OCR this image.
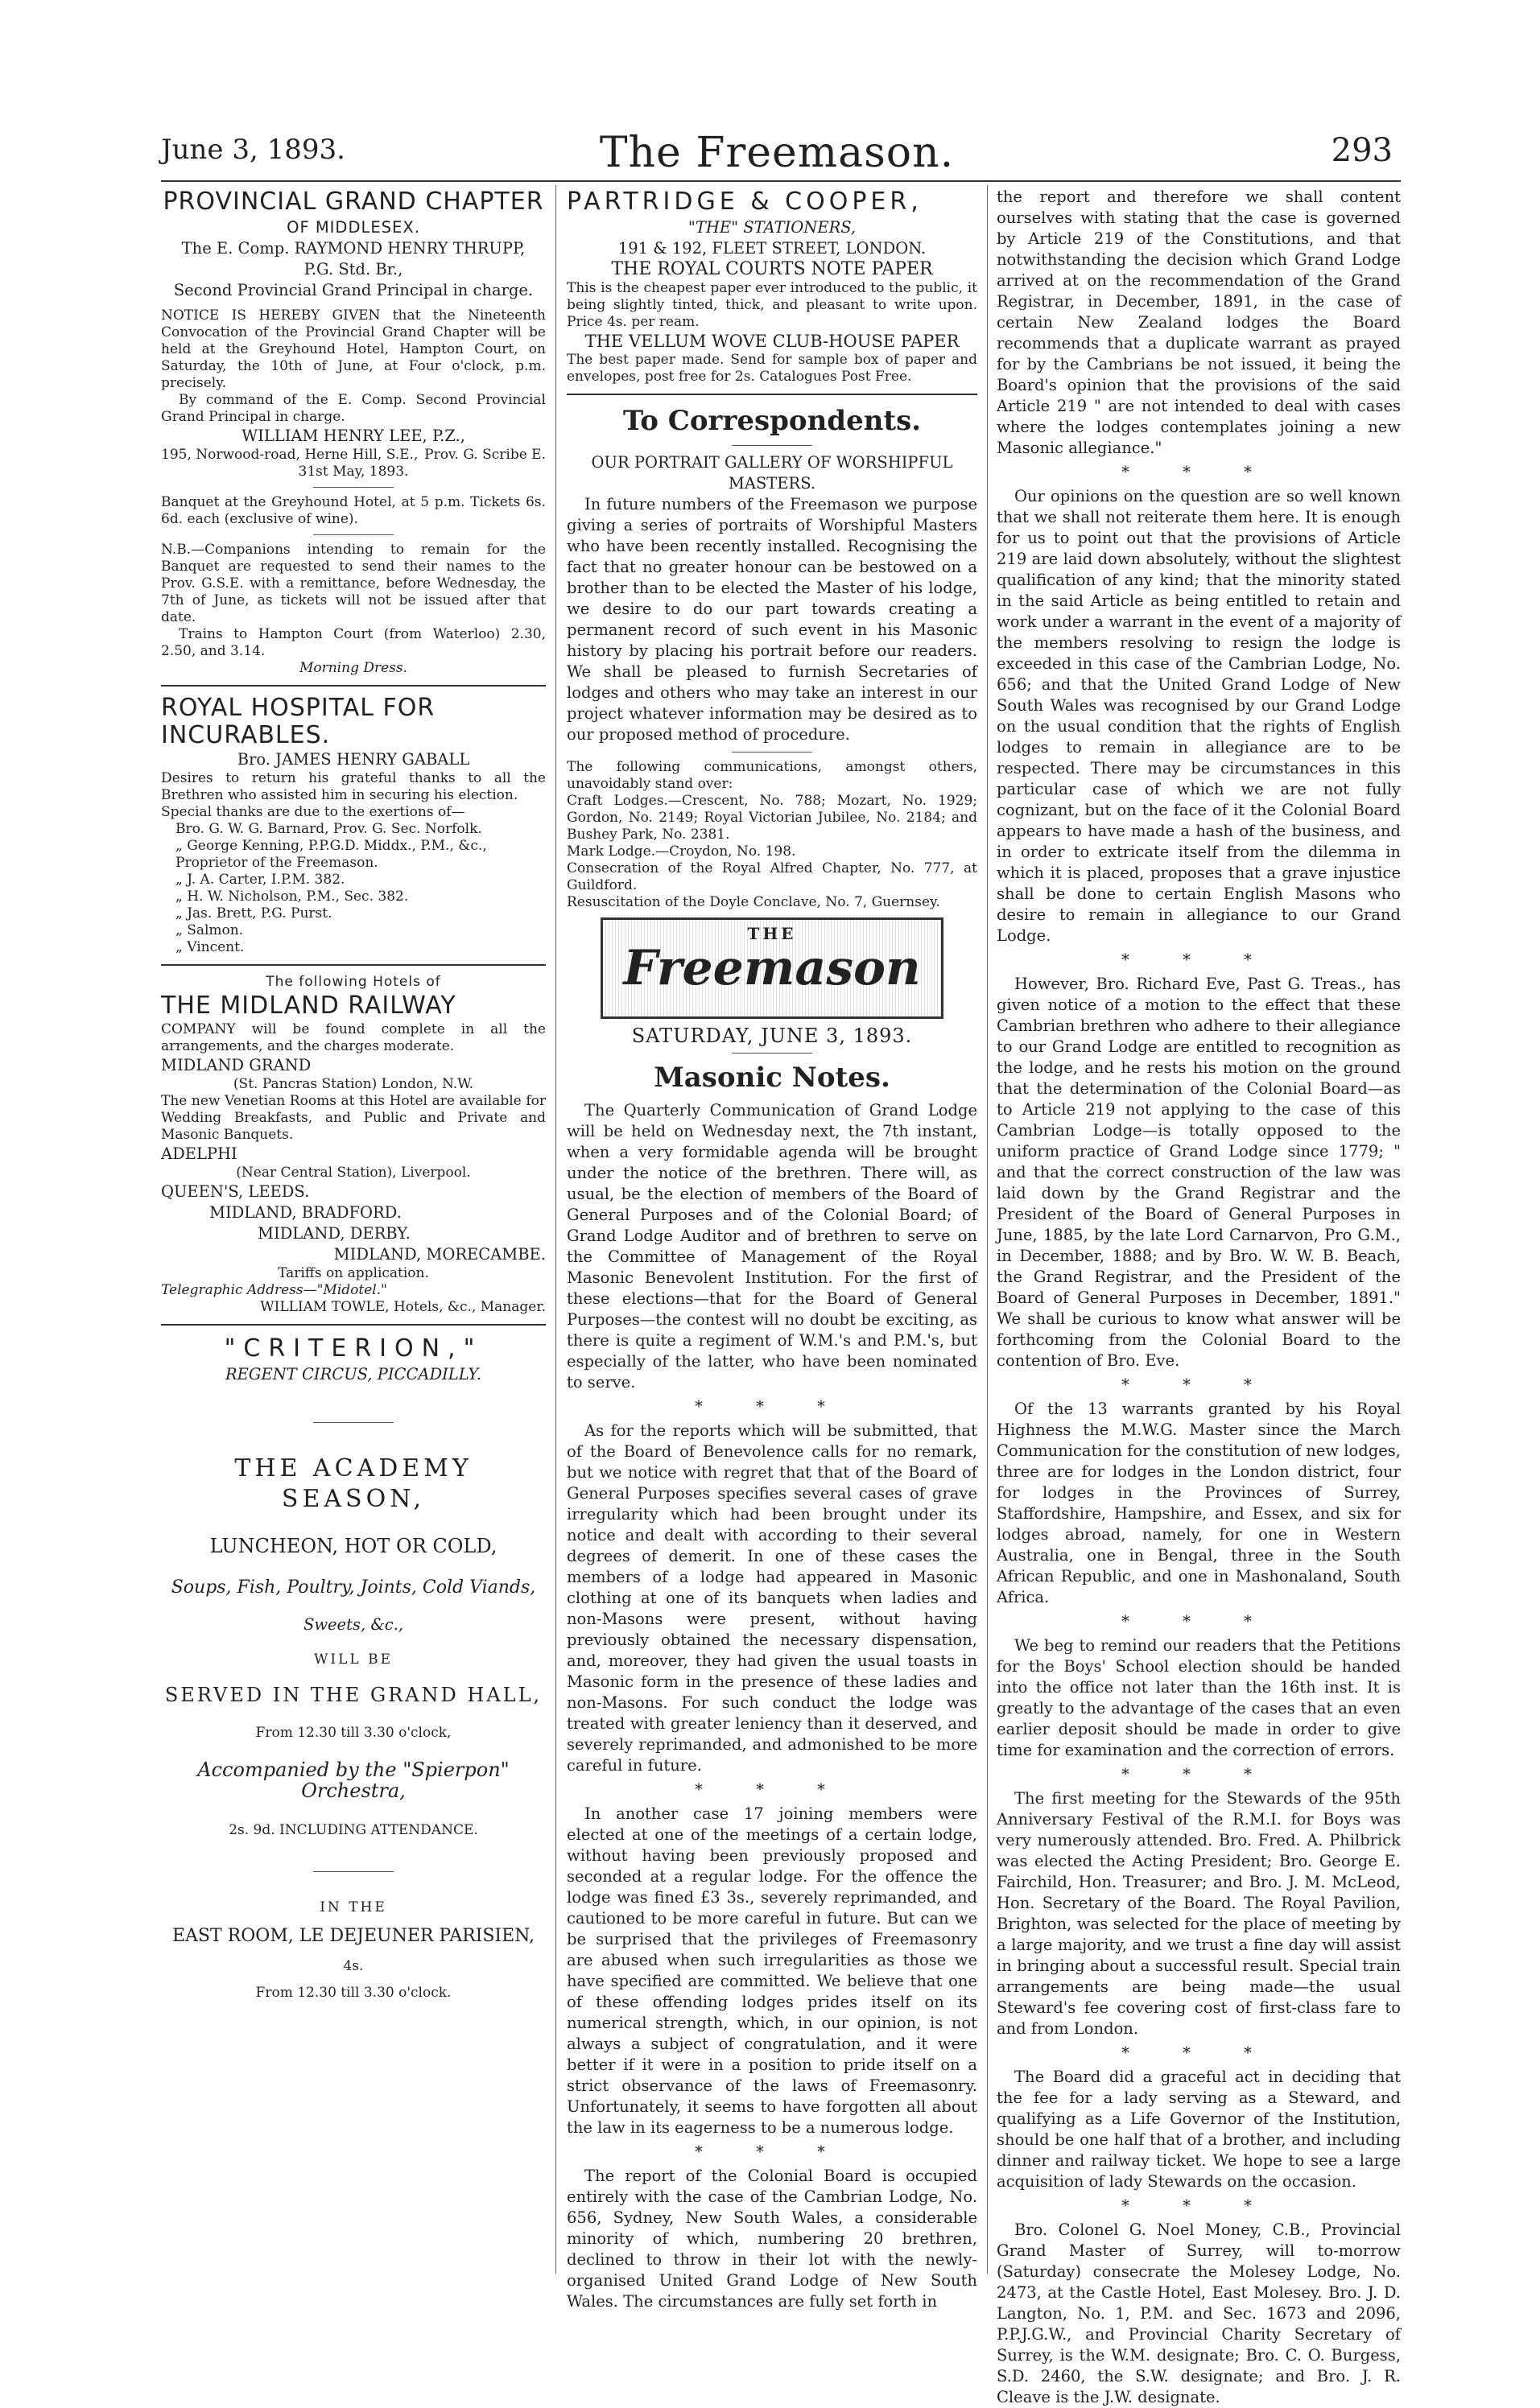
June 3, 1893.	The Freemason.	293

PROVINCIAL GRAND CHAPTER

OF MIDDLESEX.

The E. Comp. RAYMOND HENRY THRUPP,

P.G. Std. Br.,

Second Provincial Grand Principal in charge.

NOTICE IS HEREBY GIVEN that the Nineteenth Convocation of the Provincial Grand Chapter will be held at the Greyhound Hotel, Hampton Court, on Saturday, the 10th of June, at Four o'clock, p.m. precisely.

By command of the E. Comp. Second Provincial Grand Principal in charge.

WILLIAM HENRY LEE, P.Z.,

195, Norwood-road, Herne Hill, S.E., Prov. G. Scribe E.

31st May, 1893.

Banquet at the Greyhound Hotel, at 5 p.m. Tickets 6s. 6d. each (exclusive of wine).

N.B.—Companions intending to remain for the Banquet are requested to send their names to the Prov. G.S.E. with a remittance, before Wednesday, the 7th of June, as tickets will not be issued after that date.

Trains to Hampton Court (from Waterloo) 2.30, 2.50, and 3.14.

Morning Dress.

ROYAL HOSPITAL FOR INCURABLES.

Bro. JAMES HENRY GABALL

Desires to return his grateful thanks to all the Brethren who assisted him in securing his election.

Special thanks are due to the exertions of—

Bro. G. W. G. Barnard, Prov. G. Sec. Norfolk.

„ George Kenning, P.P.G.D. Middx., P.M., &c., Proprietor of the Freemason.

„ J. A. Carter, I.P.M. 382.

„ H. W. Nicholson, P.M., Sec. 382.

„ Jas. Brett, P.G. Purst.

„ Salmon.

„ Vincent.

The following Hotels of

THE MIDLAND RAILWAY

COMPANY will be found complete in all the arrangements, and the charges moderate.

MIDLAND GRAND

(St. Pancras Station) London, N.W.

The new Venetian Rooms at this Hotel are available for Wedding Breakfasts, and Public and Private and Masonic Banquets.

ADELPHI

(Near Central Station), Liverpool.

QUEEN'S, LEEDS.

MIDLAND, BRADFORD.

MIDLAND, DERBY.

MIDLAND, MORECAMBE.

Tariffs on application.

Telegraphic Address—"Midotel."

WILLIAM TOWLE, Hotels, &c., Manager.

"CRITERION,"

REGENT CIRCUS, PICCADILLY.

THE ACADEMY SEASON,

LUNCHEON, HOT OR COLD,

Soups, Fish, Poultry, Joints, Cold Viands,

Sweets, &c.,

WILL BE

SERVED IN THE GRAND HALL,

From 12.30 till 3.30 o'clock,

Accompanied by the "Spierpon" Orchestra,

2s. 9d. INCLUDING ATTENDANCE.

IN THE

EAST ROOM, LE DEJEUNER PARISIEN,

4s.

From 12.30 till 3.30 o'clock.

PARTRIDGE & COOPER,

"THE" STATIONERS,

191 & 192, FLEET STREET, LONDON.

THE ROYAL COURTS NOTE PAPER

This is the cheapest paper ever introduced to the public, it being slightly tinted, thick, and pleasant to write upon. Price 4s. per ream.

THE VELLUM WOVE CLUB-HOUSE PAPER

The best paper made. Send for sample box of paper and envelopes, post free for 2s. Catalogues Post Free.

To Correspondents.

OUR PORTRAIT GALLERY OF WORSHIPFUL MASTERS.

In future numbers of the Freemason we purpose giving a series of portraits of Worshipful Masters who have been recently installed. Recognising the fact that no greater honour can be bestowed on a brother than to be elected the Master of his lodge, we desire to do our part towards creating a permanent record of such event in his Masonic history by placing his portrait before our readers. We shall be pleased to furnish Secretaries of lodges and others who may take an interest in our project whatever information may be desired as to our proposed method of procedure.

The following communications, amongst others, unavoidably stand over:

Craft Lodges.—Crescent, No. 788; Mozart, No. 1929; Gordon, No. 2149; Royal Victorian Jubilee, No. 2184; and Bushey Park, No. 2381.

Mark Lodge.—Croydon, No. 198.

Consecration of the Royal Alfred Chapter, No. 777, at Guildford.

Resuscitation of the Doyle Conclave, No. 7, Guernsey.

THE
Freemason

SATURDAY, JUNE 3, 1893.

Masonic Notes.

The Quarterly Communication of Grand Lodge will be held on Wednesday next, the 7th instant, when a very formidable agenda will be brought under the notice of the brethren. There will, as usual, be the election of members of the Board of General Purposes and of the Colonial Board; of Grand Lodge Auditor and of brethren to serve on the Committee of Management of the Royal Masonic Benevolent Institution. For the first of these elections—that for the Board of General Purposes—the contest will no doubt be exciting, as there is quite a regiment of W.M.'s and P.M.'s, but especially of the latter, who have been nominated to serve.

* * *

As for the reports which will be submitted, that of the Board of Benevolence calls for no remark, but we notice with regret that that of the Board of General Purposes specifies several cases of grave irregularity which had been brought under its notice and dealt with according to their several degrees of demerit. In one of these cases the members of a lodge had appeared in Masonic clothing at one of its banquets when ladies and non-Masons were present, without having previously obtained the necessary dispensation, and, moreover, they had given the usual toasts in Masonic form in the presence of these ladies and non-Masons. For such conduct the lodge was treated with greater leniency than it deserved, and severely reprimanded, and admonished to be more careful in future.

* * *

In another case 17 joining members were elected at one of the meetings of a certain lodge, without having been previously proposed and seconded at a regular lodge. For the offence the lodge was fined £3 3s., severely reprimanded, and cautioned to be more careful in future. But can we be surprised that the privileges of Freemasonry are abused when such irregularities as those we have specified are committed. We believe that one of these offending lodges prides itself on its numerical strength, which, in our opinion, is not always a subject of congratulation, and it were better if it were in a position to pride itself on a strict observance of the laws of Freemasonry. Unfortunately, it seems to have forgotten all about the law in its eagerness to be a numerous lodge.

* * *

The report of the Colonial Board is occupied entirely with the case of the Cambrian Lodge, No. 656, Sydney, New South Wales, a considerable minority of which, numbering 20 brethren, declined to throw in their lot with the newly-organised United Grand Lodge of New South Wales. The circumstances are fully set forth in

the report and therefore we shall content ourselves with stating that the case is governed by Article 219 of the Constitutions, and that notwithstanding the decision which Grand Lodge arrived at on the recommendation of the Grand Registrar, in December, 1891, in the case of certain New Zealand lodges the Board recommends that a duplicate warrant as prayed for by the Cambrians be not issued, it being the Board's opinion that the provisions of the said Article 219 " are not intended to deal with cases where the lodges contemplates joining a new Masonic allegiance."

* * *

Our opinions on the question are so well known that we shall not reiterate them here. It is enough for us to point out that the provisions of Article 219 are laid down absolutely, without the slightest qualification of any kind; that the minority stated in the said Article as being entitled to retain and work under a warrant in the event of a majority of the members resolving to resign the lodge is exceeded in this case of the Cambrian Lodge, No. 656; and that the United Grand Lodge of New South Wales was recognised by our Grand Lodge on the usual condition that the rights of English lodges to remain in allegiance are to be respected. There may be circumstances in this particular case of which we are not fully cognizant, but on the face of it the Colonial Board appears to have made a hash of the business, and in order to extricate itself from the dilemma in which it is placed, proposes that a grave injustice shall be done to certain English Masons who desire to remain in allegiance to our Grand Lodge.

* * *

However, Bro. Richard Eve, Past G. Treas., has given notice of a motion to the effect that these Cambrian brethren who adhere to their allegiance to our Grand Lodge are entitled to recognition as the lodge, and he rests his motion on the ground that the determination of the Colonial Board—as to Article 219 not applying to the case of this Cambrian Lodge—is totally opposed to the uniform practice of Grand Lodge since 1779; " and that the correct construction of the law was laid down by the Grand Registrar and the President of the Board of General Purposes in June, 1885, by the late Lord Carnarvon, Pro G.M., in December, 1888; and by Bro. W. W. B. Beach, the Grand Registrar, and the President of the Board of General Purposes in December, 1891." We shall be curious to know what answer will be forthcoming from the Colonial Board to the contention of Bro. Eve.

* * *

Of the 13 warrants granted by his Royal Highness the M.W.G. Master since the March Communication for the constitution of new lodges, three are for lodges in the London district, four for lodges in the Provinces of Surrey, Staffordshire, Hampshire, and Essex, and six for lodges abroad, namely, for one in Western Australia, one in Bengal, three in the South African Republic, and one in Mashonaland, South Africa.

* * *

We beg to remind our readers that the Petitions for the Boys' School election should be handed into the office not later than the 16th inst. It is greatly to the advantage of the cases that an even earlier deposit should be made in order to give time for examination and the correction of errors.

* * *

The first meeting for the Stewards of the 95th Anniversary Festival of the R.M.I. for Boys was very numerously attended. Bro. Fred. A. Philbrick was elected the Acting President; Bro. George E. Fairchild, Hon. Treasurer; and Bro. J. M. McLeod, Hon. Secretary of the Board. The Royal Pavilion, Brighton, was selected for the place of meeting by a large majority, and we trust a fine day will assist in bringing about a successful result. Special train arrangements are being made—the usual Steward's fee covering cost of first-class fare to and from London.

* * *

The Board did a graceful act in deciding that the fee for a lady serving as a Steward, and qualifying as a Life Governor of the Institution, should be one half that of a brother, and including dinner and railway ticket. We hope to see a large acquisition of lady Stewards on the occasion.

* * *

Bro. Colonel G. Noel Money, C.B., Provincial Grand Master of Surrey, will to-morrow (Saturday) consecrate the Molesey Lodge, No. 2473, at the Castle Hotel, East Molesey. Bro. J. D. Langton, No. 1, P.M. and Sec. 1673 and 2096, P.P.J.G.W., and Provincial Charity Secretary of Surrey, is the W.M. designate; Bro. C. O. Burgess, S.D. 2460, the S.W. designate; and Bro. J. R. Cleave is the J.W. designate.
